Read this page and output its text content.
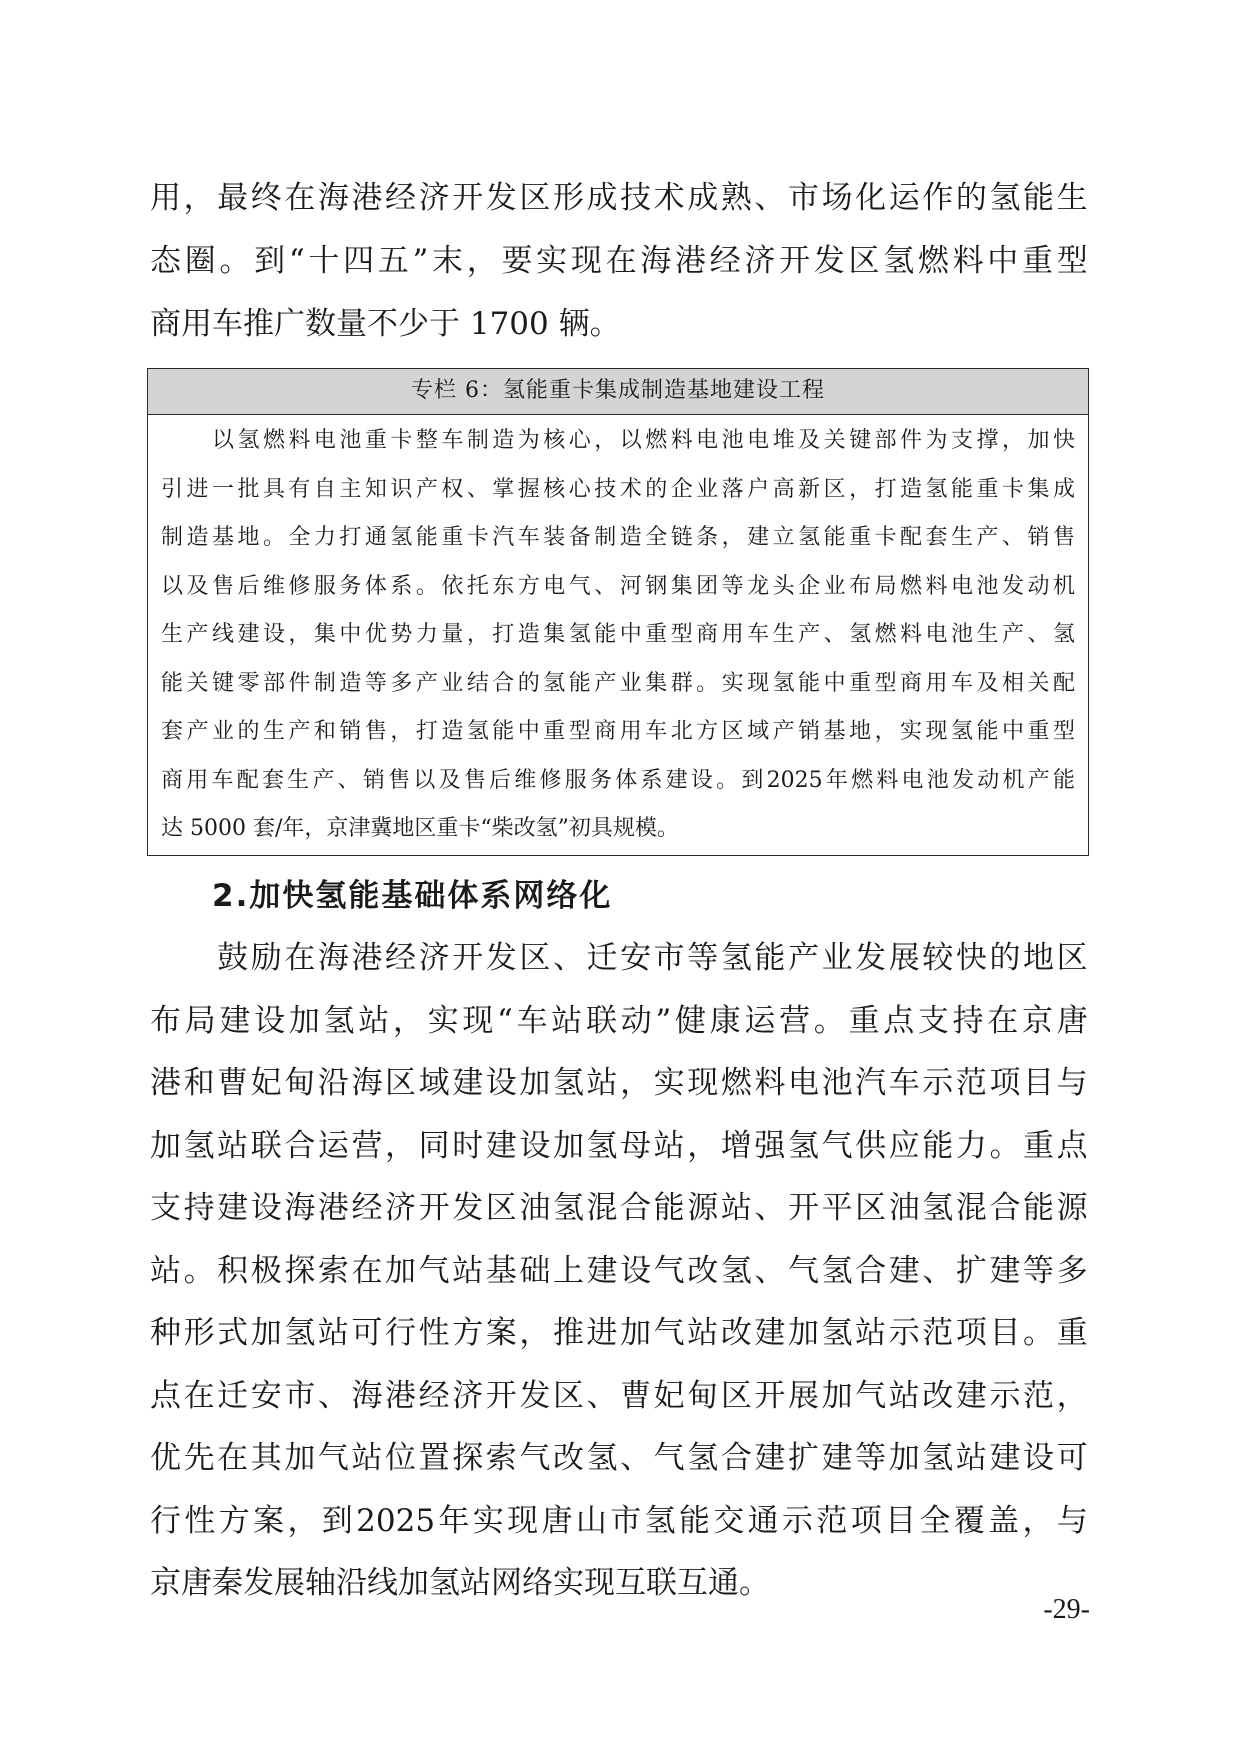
用 ， 最 终 在 海 港 经 济 开 发 区 形 成 技 术 成 熟 、 市 场 化 运 作 的 氢 能 生
态 圈 。 到 “ 十 四 五 ” 末 ， 要 实 现 在 海 港 经 济 开 发 区 氢 燃 料 中 重 型
商用车推广数量不少于 1700 辆。
专栏 6：氢能重卡集成制造基地建设工程

以 氢 燃 料 电 池 重 卡 整 车 制 造 为 核 心 ， 以 燃 料 电 池 电 堆 及 关 键 部 件 为 支 撑 ， 加 快
引 进 一 批 具 有 自 主 知 识 产 权 、 掌 握 核 心 技 术 的 企 业 落 户 高 新 区 ， 打 造 氢 能 重 卡 集 成
制 造 基 地 。 全 力 打 通 氢 能 重 卡 汽 车 装 备 制 造 全 链 条 ， 建 立 氢 能 重 卡 配 套 生 产 、 销 售
以 及 售 后 维 修 服 务 体 系 。 依 托 东 方 电 气 、 河 钢 集 团 等 龙 头 企 业 布 局 燃 料 电 池 发 动 机
生 产 线 建 设 ， 集 中 优 势 力 量 ， 打 造 集 氢 能 中 重 型 商 用 车 生 产 、 氢 燃 料 电 池 生 产 、 氢
能 关 键 零 部 件 制 造 等 多 产 业 结 合 的 氢 能 产 业 集 群 。 实 现 氢 能 中 重 型 商 用 车 及 相 关 配
套 产 业 的 生 产 和 销 售 ， 打 造 氢 能 中 重 型 商 用 车 北 方 区 域 产 销 基 地 ， 实 现 氢 能 中 重 型
商 用 车 配 套 生 产 、 销 售 以 及 售 后 维 修 服 务 体 系 建 设 。 到 2025 年 燃 料 电 池 发 动 机 产 能
达 5000 套/年，京津冀地区重卡“柴改氢”初具规模。
2.加快氢能基础体系网络化

鼓 励 在 海 港 经 济 开 发 区 、 迁 安 市 等 氢 能 产 业 发 展 较 快 的 地 区
布 局 建 设 加 氢 站 ， 实 现 “ 车 站 联 动 ” 健 康 运 营 。 重 点 支 持 在 京 唐
港 和 曹 妃 甸 沿 海 区 域 建 设 加 氢 站 ， 实 现 燃 料 电 池 汽 车 示 范 项 目 与
加 氢 站 联 合 运 营 ， 同 时 建 设 加 氢 母 站 ， 增 强 氢 气 供 应 能 力 。 重 点
支 持 建 设 海 港 经 济 开 发 区 油 氢 混 合 能 源 站 、 开 平 区 油 氢 混 合 能 源
站 。 积 极 探 索 在 加 气 站 基 础 上 建 设 气 改 氢 、 气 氢 合 建 、 扩 建 等 多
种 形 式 加 氢 站 可 行 性 方 案 ， 推 进 加 气 站 改 建 加 氢 站 示 范 项 目 。 重
点 在 迁 安 市 、 海 港 经 济 开 发 区 、 曹 妃 甸 区 开 展 加 气 站 改 建 示 范 ，
优 先 在 其 加 气 站 位 置 探 索 气 改 氢 、 气 氢 合 建 扩 建 等 加 氢 站 建 设 可
行 性 方 案 ， 到 2025 年 实 现 唐 山 市 氢 能 交 通 示 范 项 目 全 覆 盖 ， 与
京唐秦发展轴沿线加氢站网络实现互联互通。
-29-
